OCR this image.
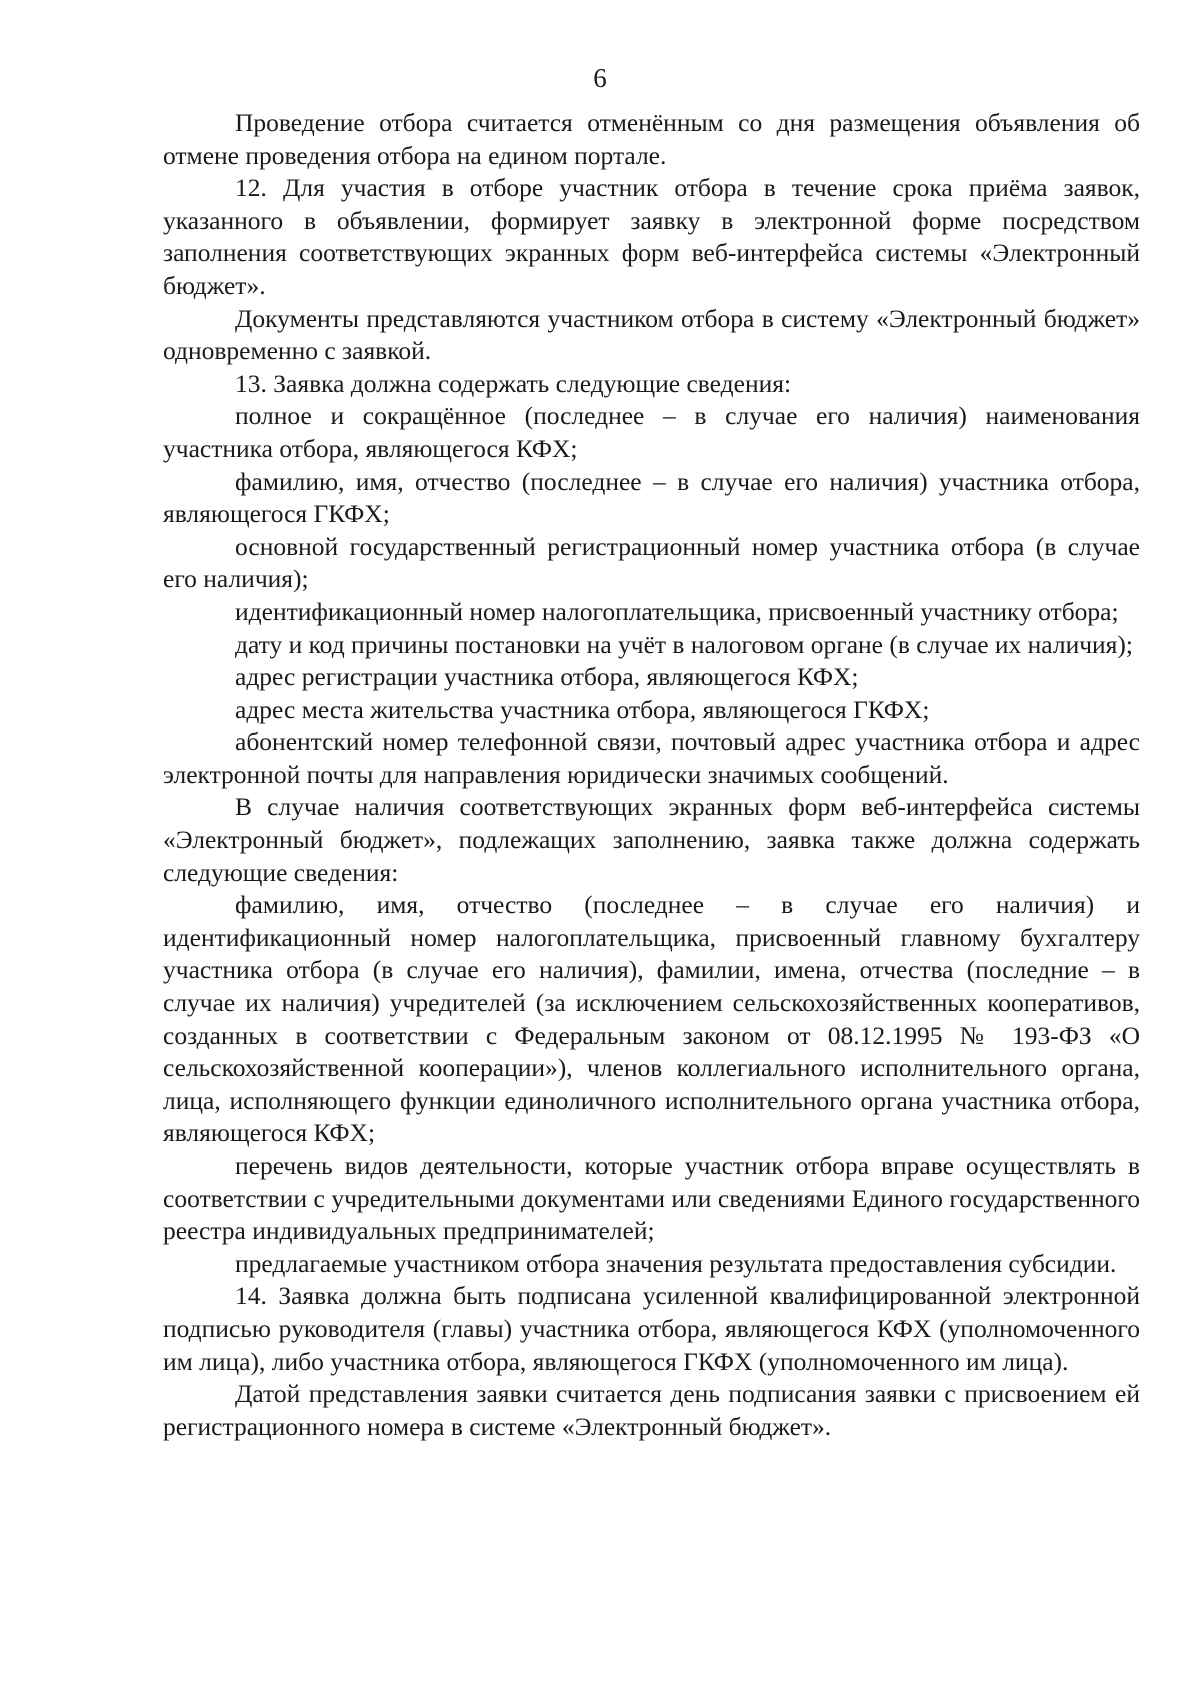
6

Проведение отбора считается отменённым со дня размещения объявления об отмене проведения отбора на едином портале.

12. Для участия в отборе участник отбора в течение срока приёма заявок, указанного в объявлении, формирует заявку в электронной форме посредством заполнения соответствующих экранных форм веб-интерфейса системы «Электронный бюджет».

Документы представляются участником отбора в систему «Электронный бюджет» одновременно с заявкой.

13. Заявка должна содержать следующие сведения:

полное и сокращённое (последнее – в случае его наличия) наименования участника отбора, являющегося КФХ;

фамилию, имя, отчество (последнее – в случае его наличия) участника отбора, являющегося ГКФХ;

основной государственный регистрационный номер участника отбора (в случае его наличия);

идентификационный номер налогоплательщика, присвоенный участнику отбора;

дату и код причины постановки на учёт в налоговом органе (в случае их наличия);

адрес регистрации участника отбора, являющегося КФХ;

адрес места жительства участника отбора, являющегося ГКФХ;

абонентский номер телефонной связи, почтовый адрес участника отбора и адрес электронной почты для направления юридически значимых сообщений.

В случае наличия соответствующих экранных форм веб-интерфейса системы «Электронный бюджет», подлежащих заполнению, заявка также должна содержать следующие сведения:

фамилию, имя, отчество (последнее – в случае его наличия) и идентификационный номер налогоплательщика, присвоенный главному бухгалтеру участника отбора (в случае его наличия), фамилии, имена, отчества (последние – в случае их наличия) учредителей (за исключением сельскохозяйственных кооперативов, созданных в соответствии с Федеральным законом от 08.12.1995 № 193-ФЗ «О сельскохозяйственной кооперации»), членов коллегиального исполнительного органа, лица, исполняющего функции единоличного исполнительного органа участника отбора, являющегося КФХ;

перечень видов деятельности, которые участник отбора вправе осуществлять в соответствии с учредительными документами или сведениями Единого государственного реестра индивидуальных предпринимателей;

предлагаемые участником отбора значения результата предоставления субсидии.

14. Заявка должна быть подписана усиленной квалифицированной электронной подписью руководителя (главы) участника отбора, являющегося КФХ (уполномоченного им лица), либо участника отбора, являющегося ГКФХ (уполномоченного им лица).

Датой представления заявки считается день подписания заявки с присвоением ей регистрационного номера в системе «Электронный бюджет».
